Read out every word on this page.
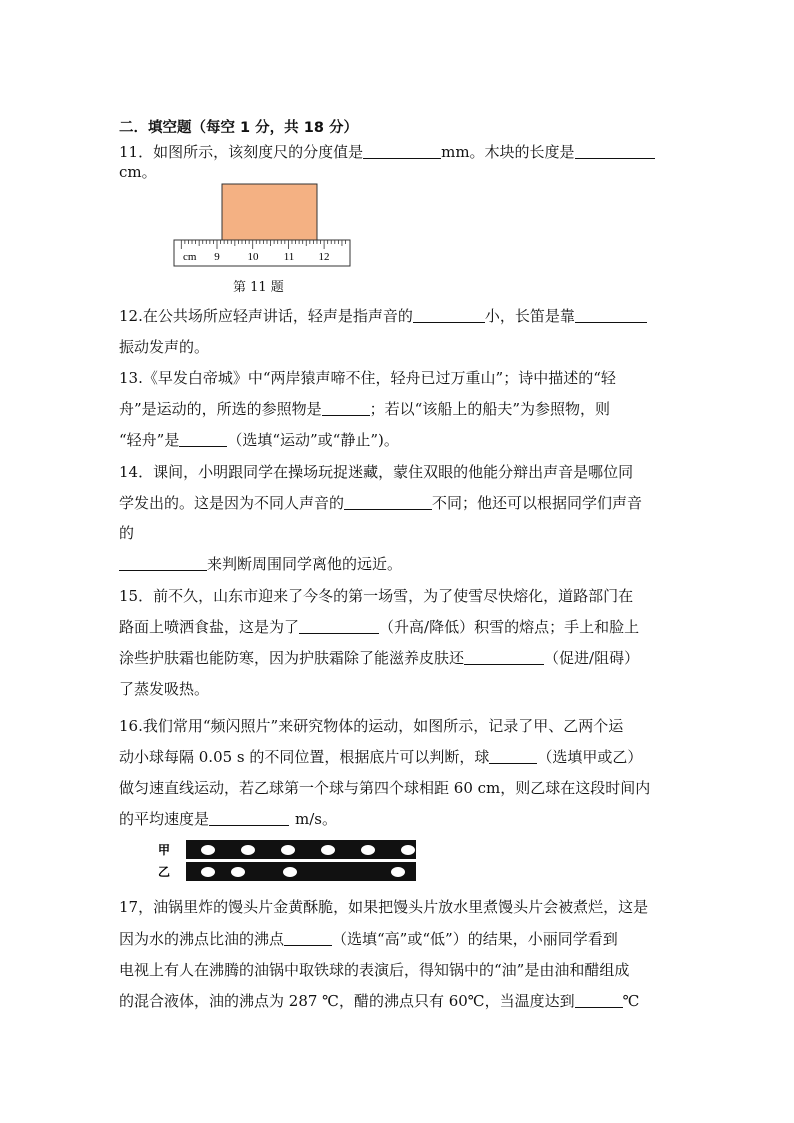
二．填空题（每空 1 分，共 18 分）
11．如图所示，该刻度尺的分度值是	mm。木块的长度是
cm。
cm 9	10 11 12
第 11 题
12.在公共场所应轻声讲话，轻声是指声音的	小，长笛是靠
振动发声的。
13.《早发白帝城》中“两岸猿声啼不住，轻舟已过万重山”；诗中描述的“轻
舟”是运动的，所选的参照物是	；若以“该船上的船夫”为参照物，则
“轻舟”是	（选填“运动”或“静止”)。
14．课间，小明跟同学在操场玩捉迷藏，蒙住双眼的他能分辩出声音是哪位同
学发出的。这是因为不同人声音的	不同；他还可以根据同学们声音
的
来判断周围同学离他的远近。
15．前不久，山东市迎来了今冬的第一场雪，为了使雪尽快熔化，道路部门在
路面上喷洒食盐，这是为了	（升高/降低）积雪的熔点；手上和脸上
涂些护肤霜也能防寒，因为护肤霜除了能滋养皮肤还	（促进/阻碍）
了蒸发吸热。
16.我们常用“频闪照片”来研究物体的运动，如图所示，记录了甲、乙两个运
动小球每隔 0.05 s 的不同位置，根据底片可以判断，球	（选填甲或乙）
做匀速直线运动，若乙球第一个球与第四个球相距 60 cm，则乙球在这段时间内
的平均速度是	m/s。
甲
乙
17，油锅里炸的馒头片金黄酥脆，如果把馒头片放水里煮馒头片会被煮烂，这是
因为水的沸点比油的沸点	（选填“高”或“低”）的结果，小丽同学看到
电视上有人在沸腾的油锅中取铁球的表演后，得知锅中的“油”是由油和醋组成
的混合液体，油的沸点为 287 ℃，醋的沸点只有 60℃，当温度达到	℃
